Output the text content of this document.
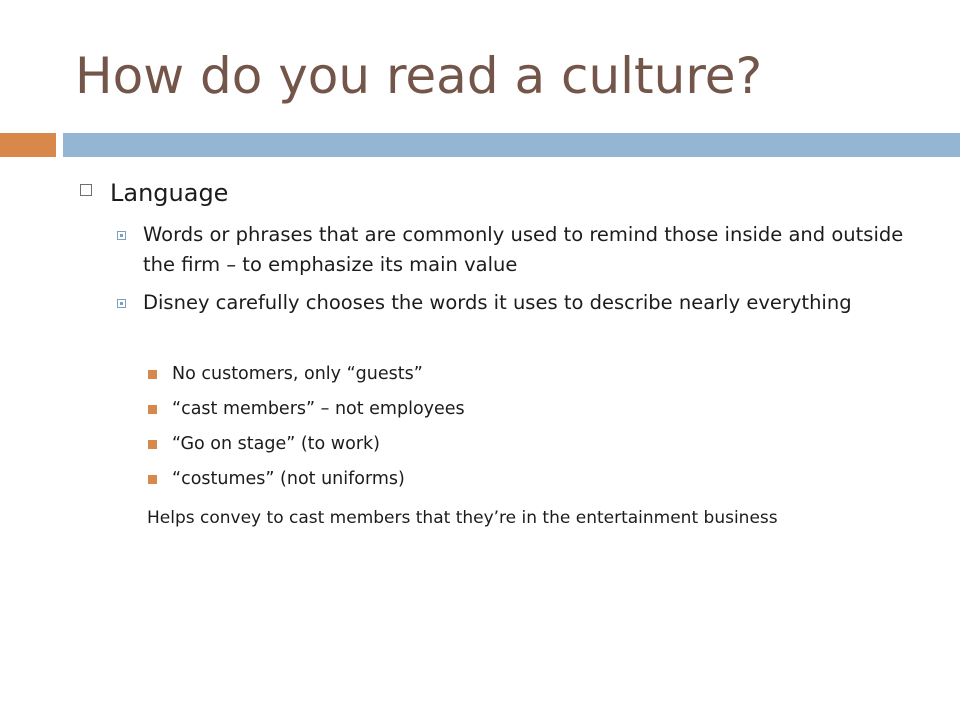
How do you read a culture?
Language
Words or phrases that are commonly used to remind those inside and outside the firm – to emphasize its main value
Disney carefully chooses the words it uses to describe nearly everything
No customers, only “guests”
“cast members” – not employees
“Go on stage” (to work)
“costumes” (not uniforms)
Helps convey to cast members that they’re in the entertainment business
